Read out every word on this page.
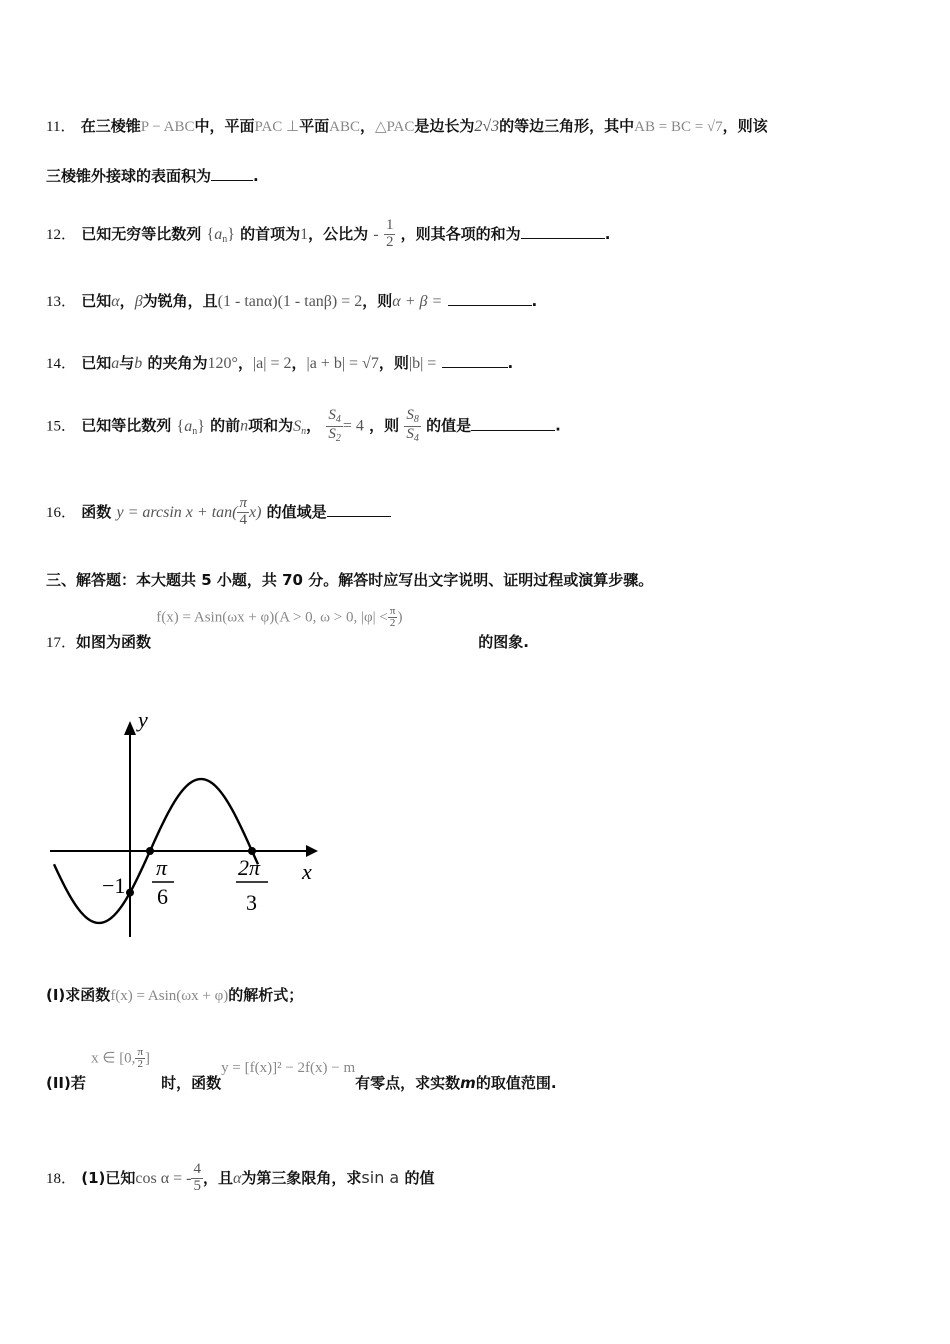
11． 在三棱锥P − ABC中，平面PAC ⊥平面ABC，△PAC是边长为2√3的等边三角形，其中AB = BC = √7，则该
三棱锥外接球的表面积为	.
12． 已知无穷等比数列 $\{a_n\}$ 的首项为1，公比为 - $\frac{1}{2}$ ，则其各项的和为	.
13． 已知α，β为锐角，且(1 - tanα)(1 - tanβ) = 2，则α + β =	.
14． 已知a与b 的夹角为120°，|a| = 2，|a + b| = √7，则|b| =	.
15． 已知等比数列 $\{a_n\}$ 的前n项和为$S_n$， $\frac{S_4}{S_2} = 4$ ，则 $\frac{S_8}{S_4}$ 的值是	.
16． 函数 $y = \arcsin x + \tan( \frac{\pi}{4} x)$ 的值域是
三、解答题：本大题共 5 小题，共 70 分。解答时应写出文字说明、证明过程或演算步骤。
17．如图为函数 f(x) = Asin(ωx + φ)(A > 0, ω > 0, $|\varphi| < \frac{\pi}{2}$ )的图象.
y
x
−1
π
6
2π
3
(I)求函数f(x) = Asin(ωx + φ)的解析式；
(II)若 x ∈ [0, $\frac{\pi}{2}$ ]时，函数y = [f(x)]² − 2f(x) − m有零点，求实数m的取值范围.
18． (1)已知cos α = - $\frac{4}{5}$ ，且α为第三象限角，求sin a 的值
